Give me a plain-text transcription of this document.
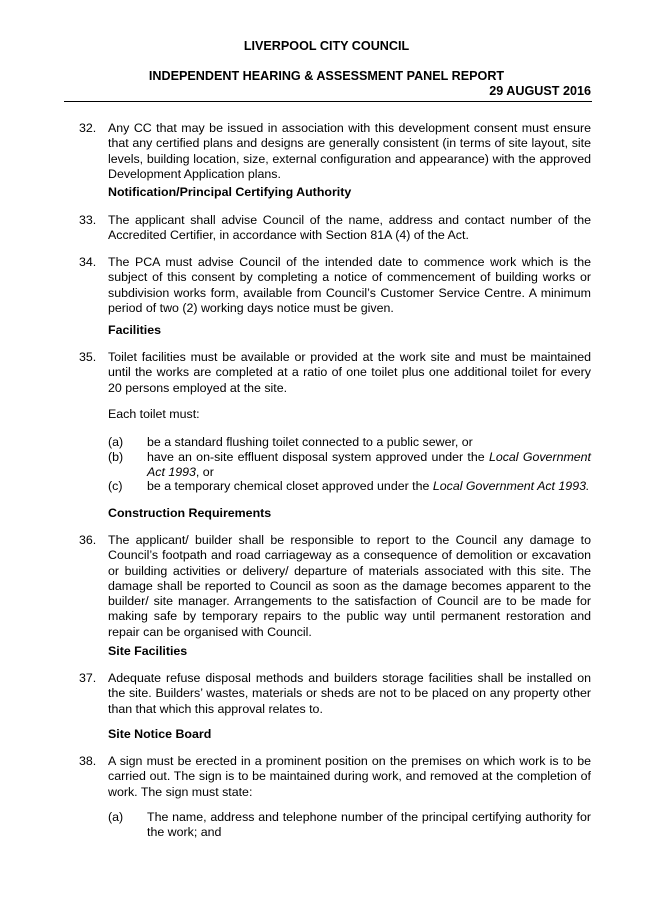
LIVERPOOL CITY COUNCIL
INDEPENDENT HEARING & ASSESSMENT PANEL REPORT
29 AUGUST 2016
32. Any CC that may be issued in association with this development consent must ensure that any certified plans and designs are generally consistent (in terms of site layout, site levels, building location, size, external configuration and appearance) with the approved Development Application plans.

Notification/Principal Certifying Authority
33. The applicant shall advise Council of the name, address and contact number of the Accredited Certifier, in accordance with Section 81A (4) of the Act.

34. The PCA must advise Council of the intended date to commence work which is the subject of this consent by completing a notice of commencement of building works or subdivision works form, available from Council’s Customer Service Centre. A minimum period of two (2) working days notice must be given.

Facilities
35. Toilet facilities must be available or provided at the work site and must be maintained until the works are completed at a ratio of one toilet plus one additional toilet for every 20 persons employed at the site.

Each toilet must:
(a) be a standard flushing toilet connected to a public sewer, or
(b) have an on-site effluent disposal system approved under the Local Government Act 1993, or
(c) be a temporary chemical closet approved under the Local Government Act 1993.
Construction Requirements
36. The applicant/ builder shall be responsible to report to the Council any damage to Council’s footpath and road carriageway as a consequence of demolition or excavation or building activities or delivery/ departure of materials associated with this site. The damage shall be reported to Council as soon as the damage becomes apparent to the builder/ site manager. Arrangements to the satisfaction of Council are to be made for making safe by temporary repairs to the public way until permanent restoration and repair can be organised with Council.

Site Facilities
37. Adequate refuse disposal methods and builders storage facilities shall be installed on the site. Builders’ wastes, materials or sheds are not to be placed on any property other than that which this approval relates to.

Site Notice Board
38. A sign must be erected in a prominent position on the premises on which work is to be carried out. The sign is to be maintained during work, and removed at the completion of work. The sign must state:

(a) The name, address and telephone number of the principal certifying authority for the work; and
